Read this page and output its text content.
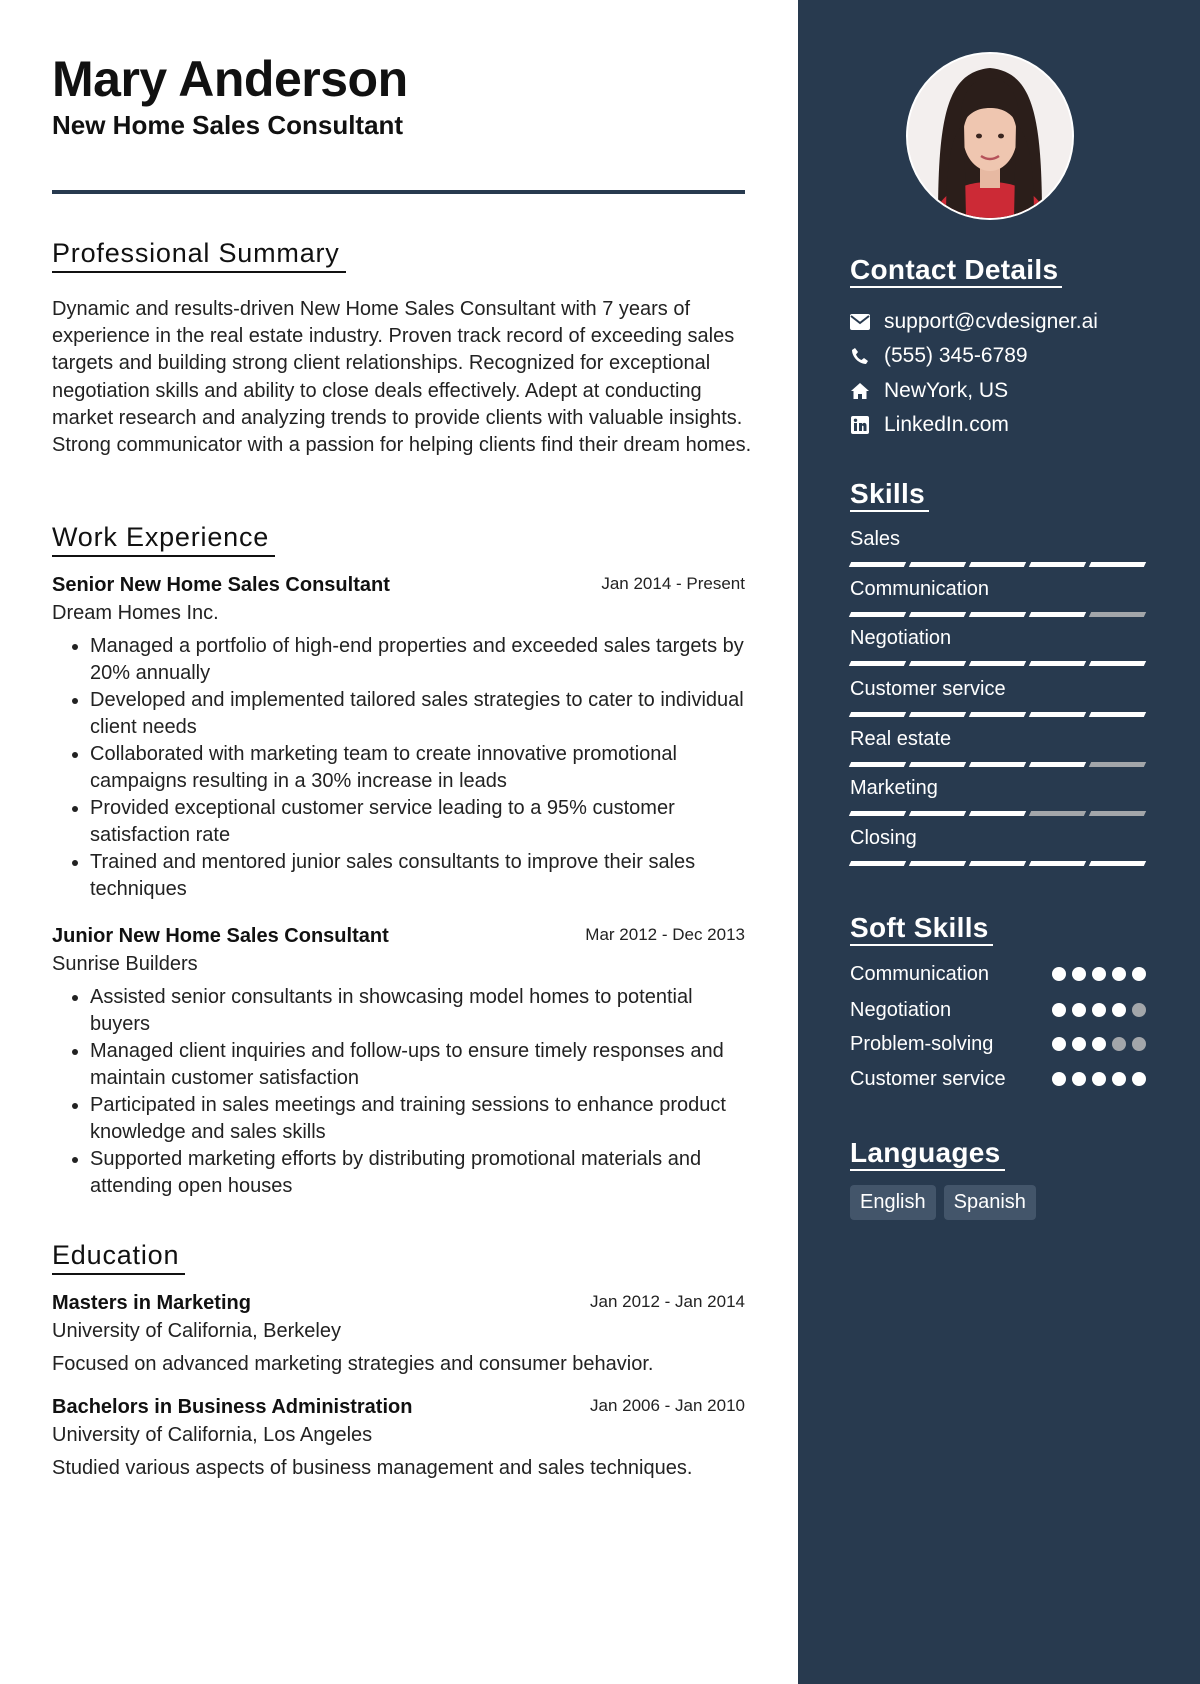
Mary Anderson
New Home Sales Consultant
Professional Summary

Dynamic and results-driven New Home Sales Consultant with 7 years of experience in the real estate industry. Proven track record of exceeding sales targets and building strong client relationships. Recognized for exceptional negotiation skills and ability to close deals effectively. Adept at conducting market research and analyzing trends to provide clients with valuable insights. Strong communicator with a passion for helping clients find their dream homes.

Work Experience
Senior New Home Sales Consultant	Jan 2014 - Present
Dream Homes Inc.
• Managed a portfolio of high-end properties and exceeded sales targets by 20% annually
• Developed and implemented tailored sales strategies to cater to individual client needs
• Collaborated with marketing team to create innovative promotional campaigns resulting in a 30% increase in leads
• Provided exceptional customer service leading to a 95% customer satisfaction rate
• Trained and mentored junior sales consultants to improve their sales techniques
Junior New Home Sales Consultant	Mar 2012 - Dec 2013
Sunrise Builders
• Assisted senior consultants in showcasing model homes to potential buyers
• Managed client inquiries and follow-ups to ensure timely responses and maintain customer satisfaction
• Participated in sales meetings and training sessions to enhance product knowledge and sales skills
• Supported marketing efforts by distributing promotional materials and attending open houses
Education
Masters in Marketing	Jan 2012 - Jan 2014
University of California, Berkeley
Focused on advanced marketing strategies and consumer behavior.
Bachelors in Business Administration	Jan 2006 - Jan 2010
University of California, Los Angeles
Studied various aspects of business management and sales techniques.
Contact Details
support@cvdesigner.ai
(555) 345-6789
NewYork, US
LinkedIn.com
Skills
Sales
Communication
Negotiation
Customer service
Real estate
Marketing
Closing
Soft Skills
Communication
Negotiation
Problem-solving
Customer service
Languages
English	Spanish
